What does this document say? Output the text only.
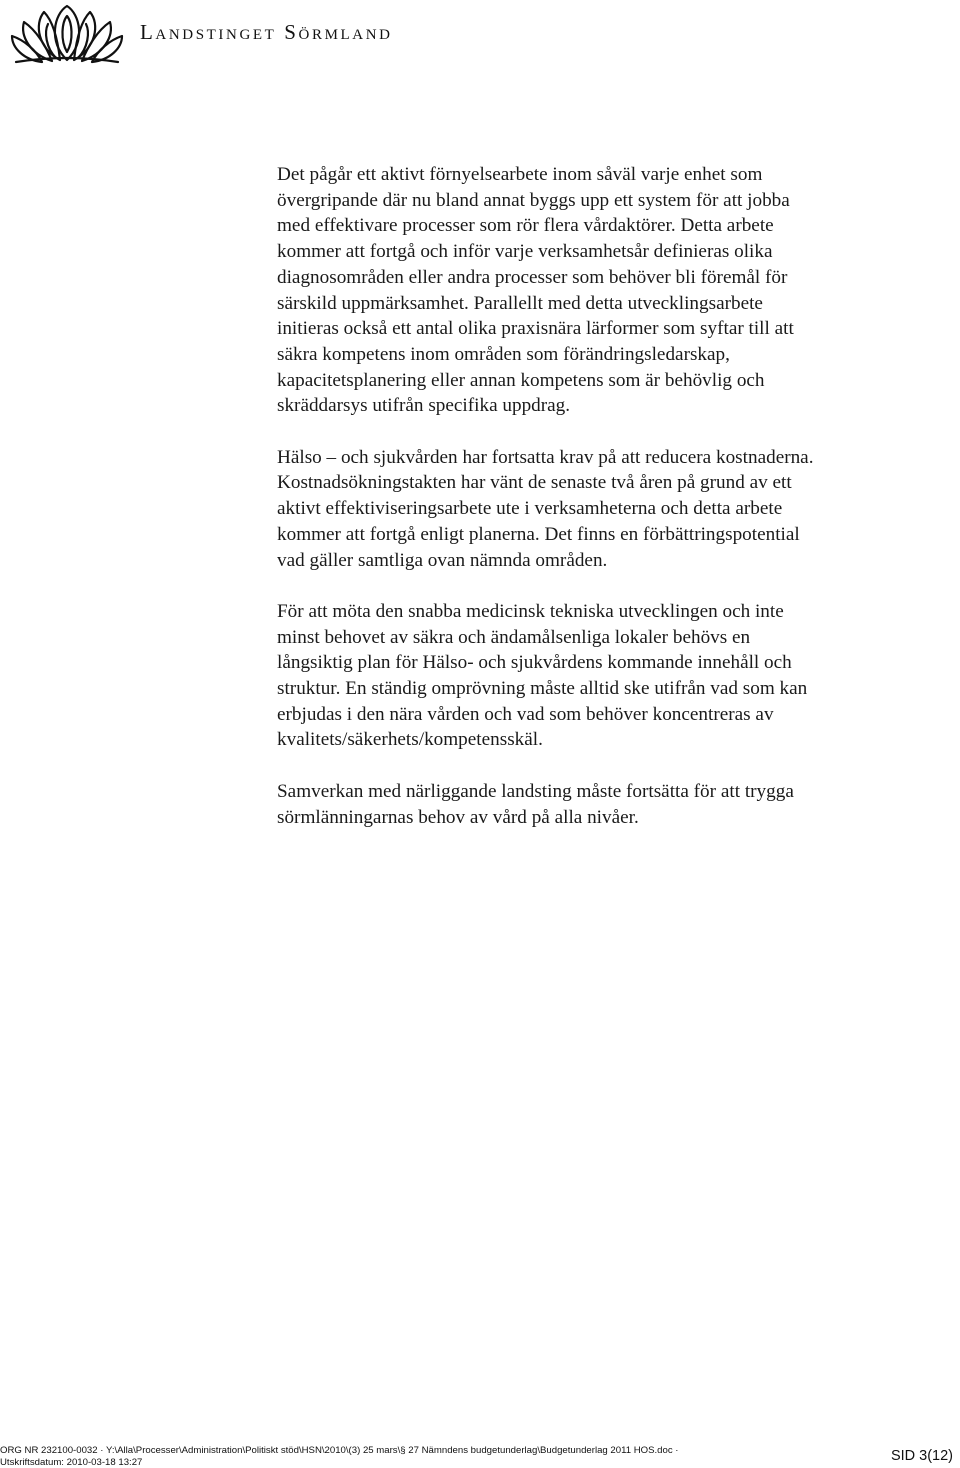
Landstinget Sörmland

Det pågår ett aktivt förnyelsearbete inom såväl varje enhet som
övergripande där nu bland annat byggs upp ett system för att jobba
med effektivare processer som rör flera vårdaktörer. Detta arbete
kommer att fortgå och inför varje verksamhetsår definieras olika
diagnosområden eller andra processer som behöver bli föremål för
särskild uppmärksamhet. Parallellt med detta utvecklingsarbete
initieras också ett antal olika praxisnära lärformer som syftar till att
säkra kompetens inom områden som förändringsledarskap,
kapacitetsplanering eller annan kompetens som är behövlig och
skräddarsys utifrån specifika uppdrag.

Hälso – och sjukvården har fortsatta krav på att reducera kostnaderna.
Kostnadsökningstakten har vänt de senaste två åren på grund av ett
aktivt effektiviseringsarbete ute i verksamheterna och detta arbete
kommer att fortgå enligt planerna. Det finns en förbättringspotential
vad gäller samtliga ovan nämnda områden.

För att möta den snabba medicinsk tekniska utvecklingen och inte
minst behovet av säkra och ändamålsenliga lokaler behövs en
långsiktig plan för Hälso- och sjukvårdens kommande innehåll och
struktur. En ständig omprövning måste alltid ske utifrån vad som kan
erbjudas i den nära vården och vad som behöver koncentreras av
kvalitets/säkerhets/kompetensskäl.

Samverkan med närliggande landsting måste fortsätta för att trygga
sörmlänningarnas behov av vård på alla nivåer.

ORG NR 232100-0032 · Y:\Alla\Processer\Administration\Politiskt stöd\HSN\2010\(3) 25 mars\§ 27 Nämndens budgetunderlag\Budgetunderlag 2011 HOS.doc ·
Utskriftsdatum: 2010-03-18 13:27	SID 3(12)
